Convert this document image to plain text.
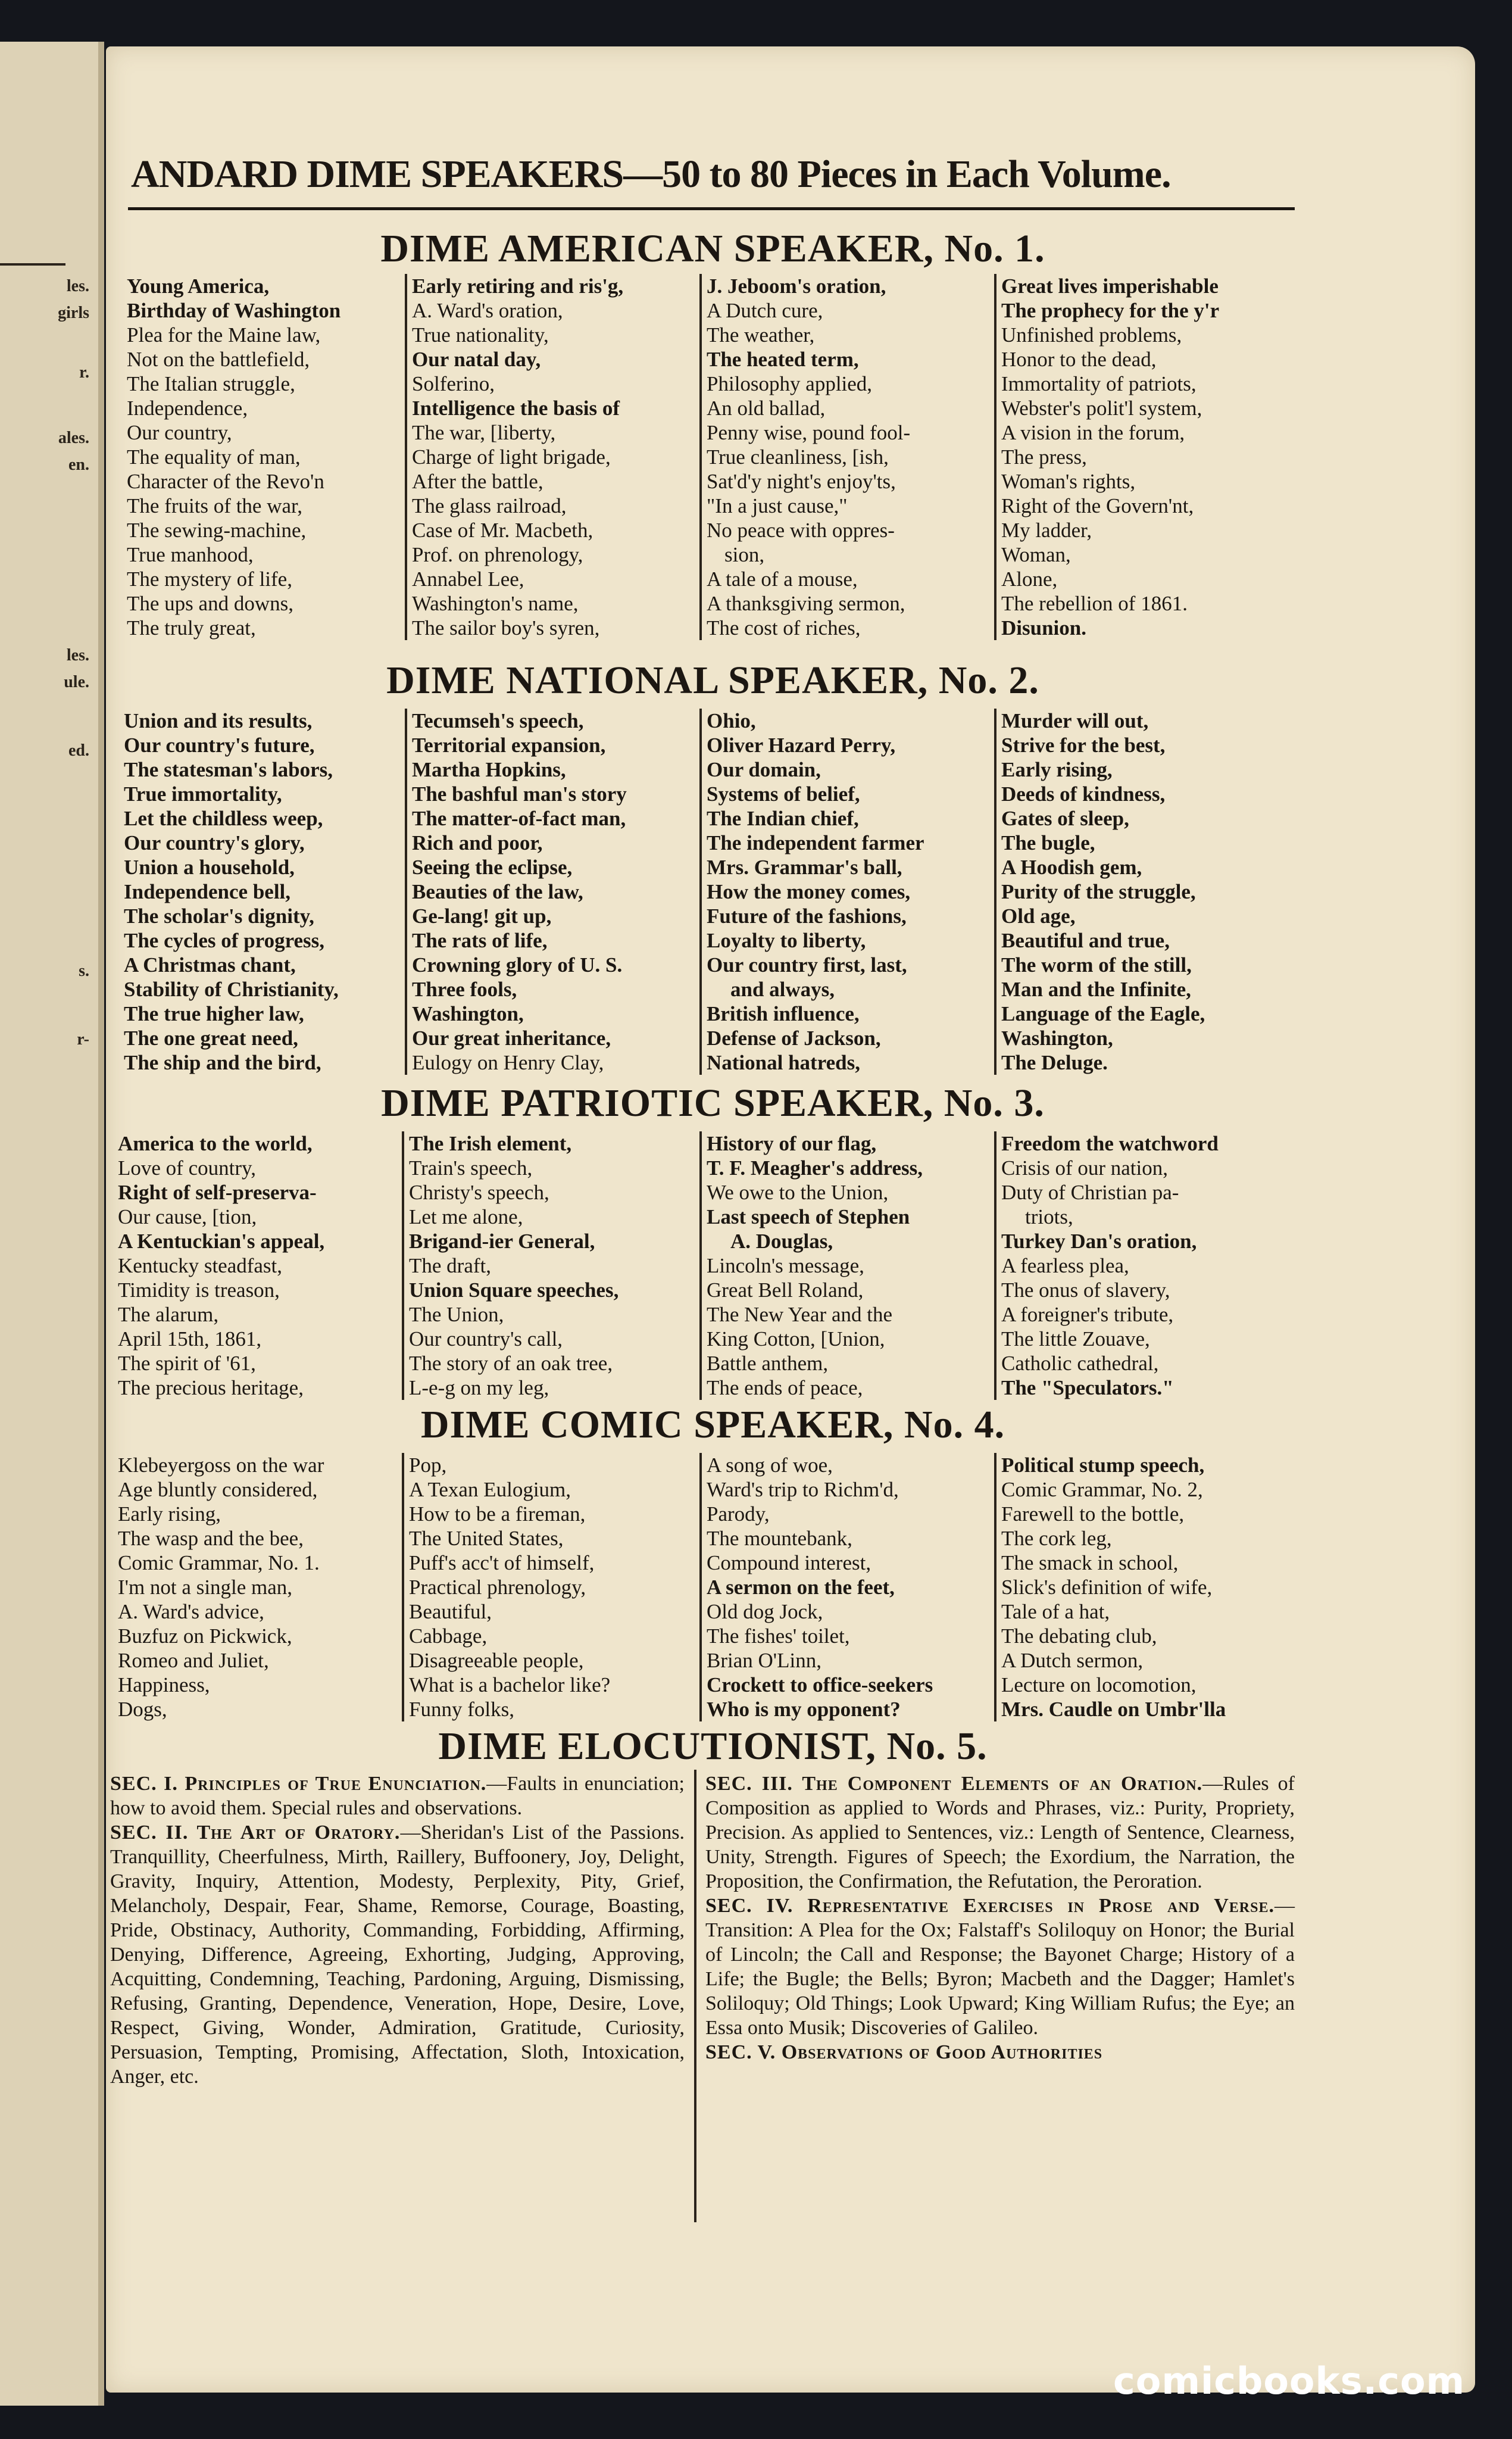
les.
girls
r.
ales.
en.
les.
ule.
ed.
s.
r-
ANDARD DIME SPEAKERS—50 to 80 Pieces in Each Volume.
DIME AMERICAN SPEAKER, No. 1.
Young America,
Birthday of Washington
Plea for the Maine law,
Not on the battlefield,
The Italian struggle,
Independence,
Our country,
The equality of man,
Character of the Revo'n
The fruits of the war,
The sewing-machine,
True manhood,
The mystery of life,
The ups and downs,
The truly great,
Early retiring and ris'g,
A. Ward's oration,
True nationality,
Our natal day,
Solferino,
Intelligence the basis of
The war, [liberty,
Charge of light brigade,
After the battle,
The glass railroad,
Case of Mr. Macbeth,
Prof. on phrenology,
Annabel Lee,
Washington's name,
The sailor boy's syren,
J. Jeboom's oration,
A Dutch cure,
The weather,
The heated term,
Philosophy applied,
An old ballad,
Penny wise, pound fool-
True cleanliness, [ish,
Sat'd'y night's enjoy'ts,
"In a just cause,"
No peace with oppres-
sion,
A tale of a mouse,
A thanksgiving sermon,
The cost of riches,
Great lives imperishable
The prophecy for the y'r
Unfinished problems,
Honor to the dead,
Immortality of patriots,
Webster's polit'l system,
A vision in the forum,
The press,
Woman's rights,
Right of the Govern'nt,
My ladder,
Woman,
Alone,
The rebellion of 1861.
Disunion.
DIME NATIONAL SPEAKER, No. 2.
Union and its results,
Our country's future,
The statesman's labors,
True immortality,
Let the childless weep,
Our country's glory,
Union a household,
Independence bell,
The scholar's dignity,
The cycles of progress,
A Christmas chant,
Stability of Christianity,
The true higher law,
The one great need,
The ship and the bird,
Tecumseh's speech,
Territorial expansion,
Martha Hopkins,
The bashful man's story
The matter-of-fact man,
Rich and poor,
Seeing the eclipse,
Beauties of the law,
Ge-lang! git up,
The rats of life,
Crowning glory of U. S.
Three fools,
Washington,
Our great inheritance,
Eulogy on Henry Clay,
Ohio,
Oliver Hazard Perry,
Our domain,
Systems of belief,
The Indian chief,
The independent farmer
Mrs. Grammar's ball,
How the money comes,
Future of the fashions,
Loyalty to liberty,
Our country first, last,
and always,
British influence,
Defense of Jackson,
National hatreds,
Murder will out,
Strive for the best,
Early rising,
Deeds of kindness,
Gates of sleep,
The bugle,
A Hoodish gem,
Purity of the struggle,
Old age,
Beautiful and true,
The worm of the still,
Man and the Infinite,
Language of the Eagle,
Washington,
The Deluge.
DIME PATRIOTIC SPEAKER, No. 3.
America to the world,
Love of country,
Right of self-preserva-
Our cause, [tion,
A Kentuckian's appeal,
Kentucky steadfast,
Timidity is treason,
The alarum,
April 15th, 1861,
The spirit of '61,
The precious heritage,
The Irish element,
Train's speech,
Christy's speech,
Let me alone,
Brigand-ier General,
The draft,
Union Square speeches,
The Union,
Our country's call,
The story of an oak tree,
L-e-g on my leg,
History of our flag,
T. F. Meagher's address,
We owe to the Union,
Last speech of Stephen
A. Douglas,
Lincoln's message,
Great Bell Roland,
The New Year and the
King Cotton, [Union,
Battle anthem,
The ends of peace,
Freedom the watchword
Crisis of our nation,
Duty of Christian pa-
triots,
Turkey Dan's oration,
A fearless plea,
The onus of slavery,
A foreigner's tribute,
The little Zouave,
Catholic cathedral,
The "Speculators."
DIME COMIC SPEAKER, No. 4.
Klebeyergoss on the war
Age bluntly considered,
Early rising,
The wasp and the bee,
Comic Grammar, No. 1.
I'm not a single man,
A. Ward's advice,
Buzfuz on Pickwick,
Romeo and Juliet,
Happiness,
Dogs,
Pop,
A Texan Eulogium,
How to be a fireman,
The United States,
Puff's acc't of himself,
Practical phrenology,
Beautiful,
Cabbage,
Disagreeable people,
What is a bachelor like?
Funny folks,
A song of woe,
Ward's trip to Richm'd,
Parody,
The mountebank,
Compound interest,
A sermon on the feet,
Old dog Jock,
The fishes' toilet,
Brian O'Linn,
Crockett to office-seekers
Who is my opponent?
Political stump speech,
Comic Grammar, No. 2,
Farewell to the bottle,
The cork leg,
The smack in school,
Slick's definition of wife,
Tale of a hat,
The debating club,
A Dutch sermon,
Lecture on locomotion,
Mrs. Caudle on Umbr'lla
DIME ELOCUTIONIST, No. 5.

SEC. I. Principles of True Enunciation.—Faults in enunciation; how to avoid them. Special rules and observations.

SEC. II. The Art of Oratory.—Sheridan's List of the Passions. Tranquillity, Cheerfulness, Mirth, Raillery, Buffoonery, Joy, Delight, Gravity, Inquiry, Attention, Modesty, Perplexity, Pity, Grief, Melancholy, Despair, Fear, Shame, Remorse, Courage, Boasting, Pride, Obstinacy, Authority, Commanding, Forbidding, Affirming, Denying, Difference, Agreeing, Exhorting, Judging, Approving, Acquitting, Condemning, Teaching, Pardoning, Arguing, Dismissing, Refusing, Granting, Dependence, Veneration, Hope, Desire, Love, Respect, Giving, Wonder, Admiration, Gratitude, Curiosity, Persuasion, Tempting, Promising, Affectation, Sloth, Intoxication, Anger, etc.

SEC. III. The Component Elements of an Oration.—Rules of Composition as applied to Words and Phrases, viz.: Purity, Propriety, Precision. As applied to Sentences, viz.: Length of Sentence, Clearness, Unity, Strength. Figures of Speech; the Exordium, the Narration, the Proposition, the Confirmation, the Refutation, the Peroration.

SEC. IV. Representative Exercises in Prose and Verse.—Transition: A Plea for the Ox; Falstaff's Soliloquy on Honor; the Burial of Lincoln; the Call and Response; the Bayonet Charge; History of a Life; the Bugle; the Bells; Byron; Macbeth and the Dagger; Hamlet's Soliloquy; Old Things; Look Upward; King William Rufus; the Eye; an Essa onto Musik; Discoveries of Galileo.

SEC. V. Observations of Good Authorities

comicbooks.com
